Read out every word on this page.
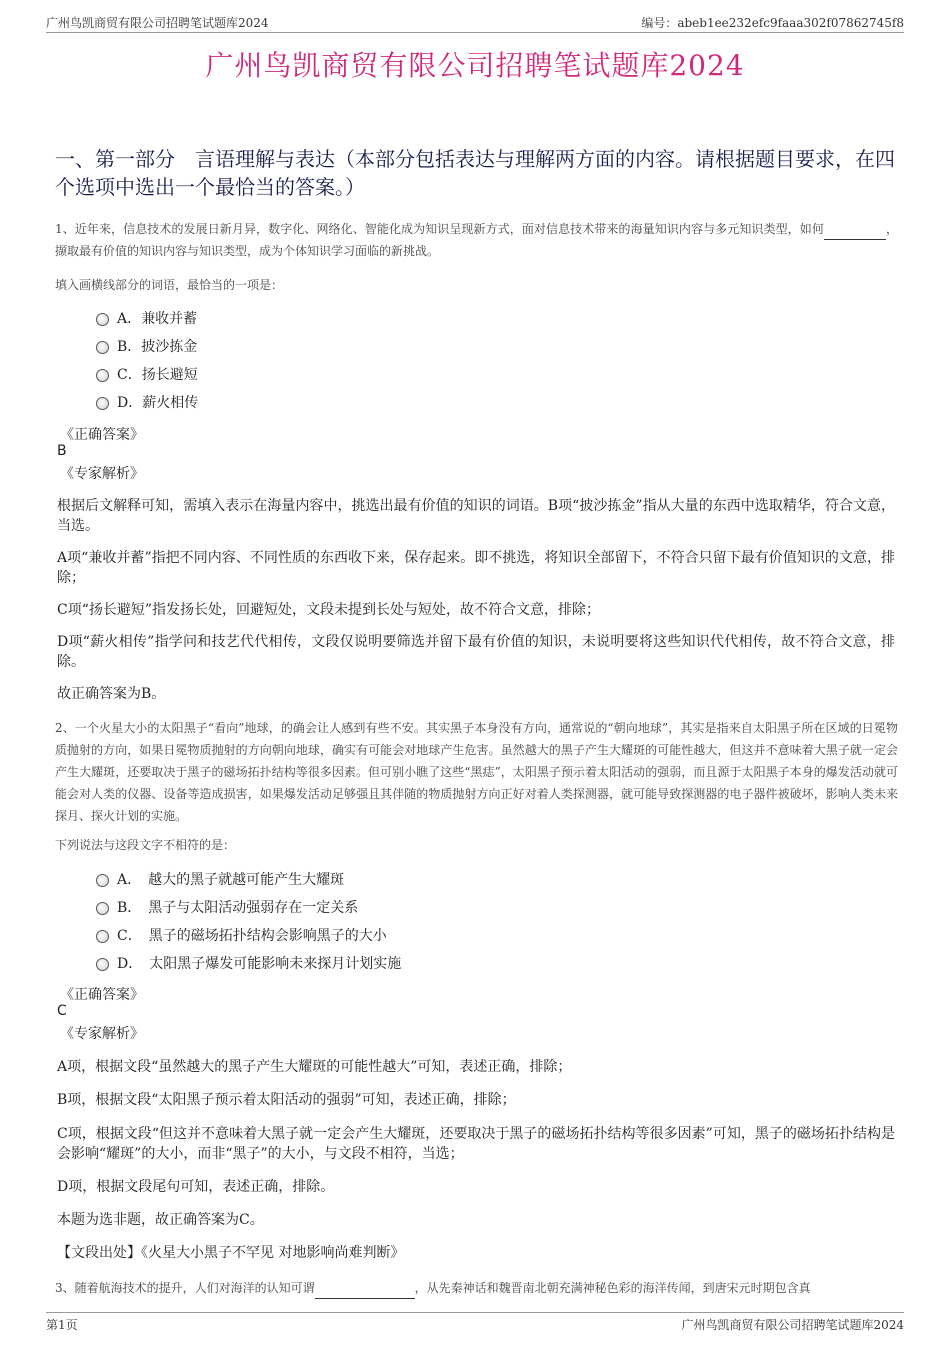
广州鸟凯商贸有限公司招聘笔试题库2024	编号：abeb1ee232efc9faaa302f07862745f8
广州鸟凯商贸有限公司招聘笔试题库2024
一、第一部分　言语理解与表达（本部分包括表达与理解两方面的内容。请根据题目要求，在四个选项中选出一个最恰当的答案。）
1、近年来，信息技术的发展日新月异，数字化、网络化、智能化成为知识呈现新方式，面对信息技术带来的海量知识内容与多元知识类型，如何	，撷取最有价值的知识内容与知识类型，成为个体知识学习面临的新挑战。
填入画横线部分的词语，最恰当的一项是：
A．兼收并蓄
B．披沙拣金
C．扬长避短
D．薪火相传
《正确答案》
B
《专家解析》
根据后文解释可知，需填入表示在海量内容中，挑选出最有价值的知识的词语。B项“披沙拣金”指从大量的东西中选取精华，符合文意，当选。
A项“兼收并蓄”指把不同内容、不同性质的东西收下来，保存起来。即不挑选，将知识全部留下，不符合只留下最有价值知识的文意，排除；
C项“扬长避短”指发扬长处，回避短处，文段未提到长处与短处，故不符合文意，排除；
D项“薪火相传”指学问和技艺代代相传，文段仅说明要筛选并留下最有价值的知识，未说明要将这些知识代代相传，故不符合文意，排除。
故正确答案为B。
2、一个火星大小的太阳黑子“看向”地球，的确会让人感到有些不安。其实黑子本身没有方向，通常说的“朝向地球”，其实是指来自太阳黑子所在区域的日冕物质抛射的方向，如果日冕物质抛射的方向朝向地球，确实有可能会对地球产生危害。虽然越大的黑子产生大耀斑的可能性越大，但这并不意味着大黑子就一定会产生大耀斑，还要取决于黑子的磁场拓扑结构等很多因素。但可别小瞧了这些“黑痣”，太阳黑子预示着太阳活动的强弱，而且源于太阳黑子本身的爆发活动就可能会对人类的仪器、设备等造成损害，如果爆发活动足够强且其伴随的物质抛射方向正好对着人类探测器，就可能导致探测器的电子器件被破坏，影响人类未来探月、探火计划的实施。
下列说法与这段文字不相符的是：
A．　越大的黑子就越可能产生大耀斑
B．　黑子与太阳活动强弱存在一定关系
C．　黑子的磁场拓扑结构会影响黑子的大小
D．　太阳黑子爆发可能影响未来探月计划实施
《正确答案》
C
《专家解析》
A项，根据文段“虽然越大的黑子产生大耀斑的可能性越大”可知，表述正确，排除；
B项，根据文段“太阳黑子预示着太阳活动的强弱”可知，表述正确，排除；
C项，根据文段“但这并不意味着大黑子就一定会产生大耀斑，还要取决于黑子的磁场拓扑结构等很多因素”可知，黑子的磁场拓扑结构是会影响“耀斑”的大小，而非“黑子”的大小，与文段不相符，当选；
D项，根据文段尾句可知，表述正确，排除。
本题为选非题，故正确答案为C。
【文段出处】《火星大小黑子不罕见 对地影响尚难判断》
3、随着航海技术的提升，人们对海洋的认知可谓	，从先秦神话和魏晋南北朝充满神秘色彩的海洋传闻，到唐宋元时期包含真
第1页	广州鸟凯商贸有限公司招聘笔试题库2024
